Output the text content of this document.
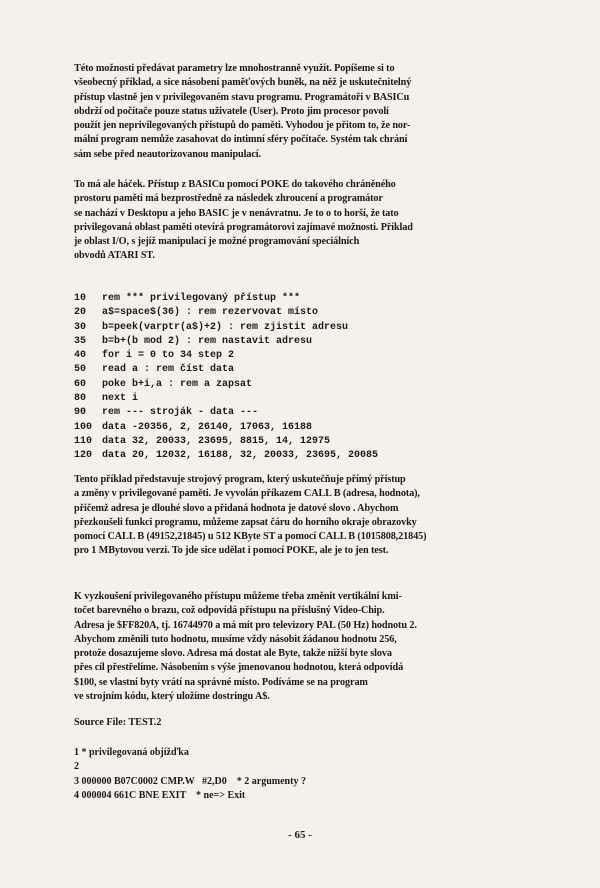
Této možnosti předávat parametry lze mnohostranně využít. Popíšeme si to
všeobecný příklad, a sice násobení paměťových buněk, na něž je uskutečnitelný
přístup vlastně jen v privilegovaném stavu programu. Programátoři v BASICu
obdrží od počítače pouze status uživatele (User). Proto jim procesor povolí
použít jen neprivilegovaných přístupů do paměti. Vyhodou je přitom to, že nor-
mální program nemůže zasahovat do intimní sféry počítače. Systém tak chrání
sám sebe před neautorizovanou manipulací.
To má ale háček. Přístup z BASICu pomocí POKE do takového chráněného
prostoru paměti má bezprostředně za následek zhroucení a programátor
se nachází v Desktopu a jeho BASIC je v nenávratnu. Je to o to horší, že tato
privilegovaná oblast paměti otevírá programátorovi zajímavé možnosti. Příklad
je oblast I/O, s jejíž manipulací je možné programování speciálních
obvodů ATARI ST.
10	rem *** privilegovaný přístup ***
20	a$=space$(36) : rem rezervovat místo
30	b=peek(varptr(a$)+2) : rem zjistit adresu
35	b=b+(b mod 2) : rem nastavit adresu
40	for i = 0 to 34 step 2
50	read a : rem číst data
60	poke b+i,a : rem a zapsat
80	next i
90	rem --- stroják - data ---
100 data -20356, 2, 26140, 17063, 16188
110 data 32, 20033, 23695, 8815, 14, 12975
120 data 20, 12032, 16188, 32, 20033, 23695, 20085
Tento příklad představuje strojový program, který uskutečňuje přímý přístup
a změny v privilegované paměti. Je vyvolán příkazem CALL B (adresa, hodnota),
přičemž adresa je dlouhé slovo a přidaná hodnota je datové slovo . Abychom
přezkoušeli funkci programu, můžeme zapsat čáru do horního okraje obrazovky
pomocí CALL B (49152,21845) u 512 KByte ST a pomocí CALL B (1015808,21845)
pro 1 MBytovou verzi. To jde sice udělat i pomocí POKE, ale je to jen test.
K vyzkoušení privilegovaného přístupu můžeme třeba změnit vertikální kmi-
točet barevného o brazu, což odpovídá přístupu na příslušný Video-Chip.
Adresa je $FF820A, tj. 16744970 a má mít pro televizory PAL (50 Hz) hodnotu 2.
Abychom změnili tuto hodnotu, musíme vždy násobit žádanou hodnotu 256,
protože dosazujeme slovo. Adresa má dostat ale Byte, takže nižší byte slova
přes cíl přestřelíme. Násobením s výše jmenovanou hodnotou, která odpovídá
$100, se vlastní byty vrátí na správné místo. Podíváme se na program
ve strojním kódu, který uložíme dostringu A$.
Source File: TEST.2
1 * privilegovaná objížďka
2
3 000000 B07C0002 CMP.W   #2,D0    * 2 argumenty ?
4 000004 661C BNE EXIT    * ne=> Exit
- 65 -
